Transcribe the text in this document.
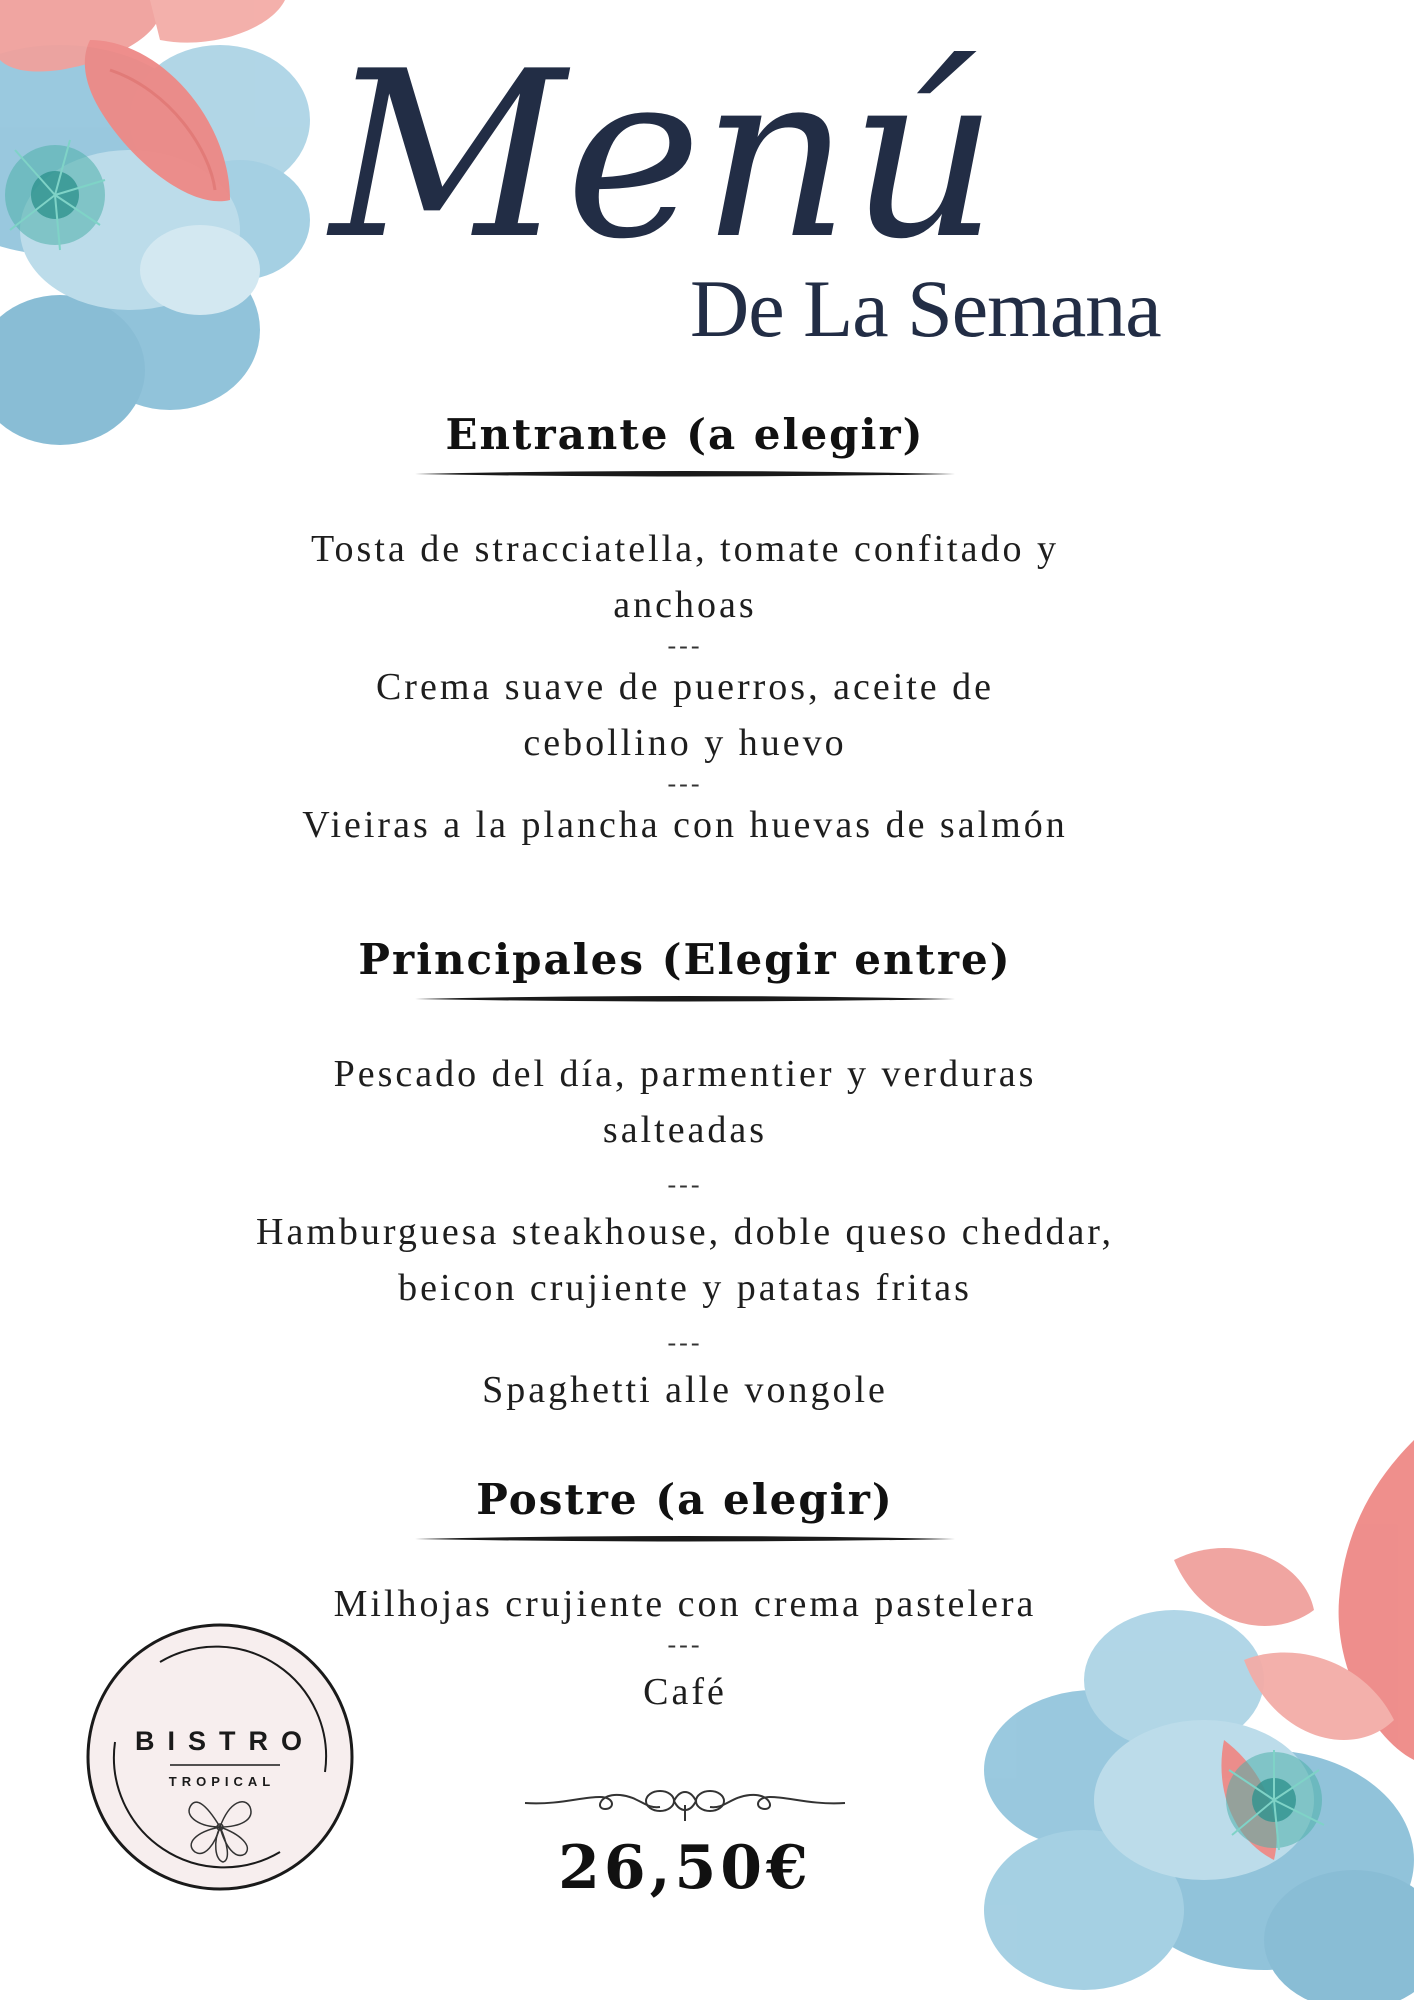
Menú
De La Semana
Entrante (a elegir)

Tosta de stracciatella, tomate confitado y

anchoas

---

Crema suave de puerros, aceite de

cebollino y huevo

---

Vieiras a la plancha con huevas de salmón

Principales (Elegir entre)

Pescado del día, parmentier y verduras

salteadas

---

Hamburguesa steakhouse, doble queso cheddar,

beicon crujiente y patatas fritas

---

Spaghetti alle vongole

Postre (a elegir)

Milhojas crujiente con crema pastelera

---

Café

26,50€

BISTRO
TROPICAL
